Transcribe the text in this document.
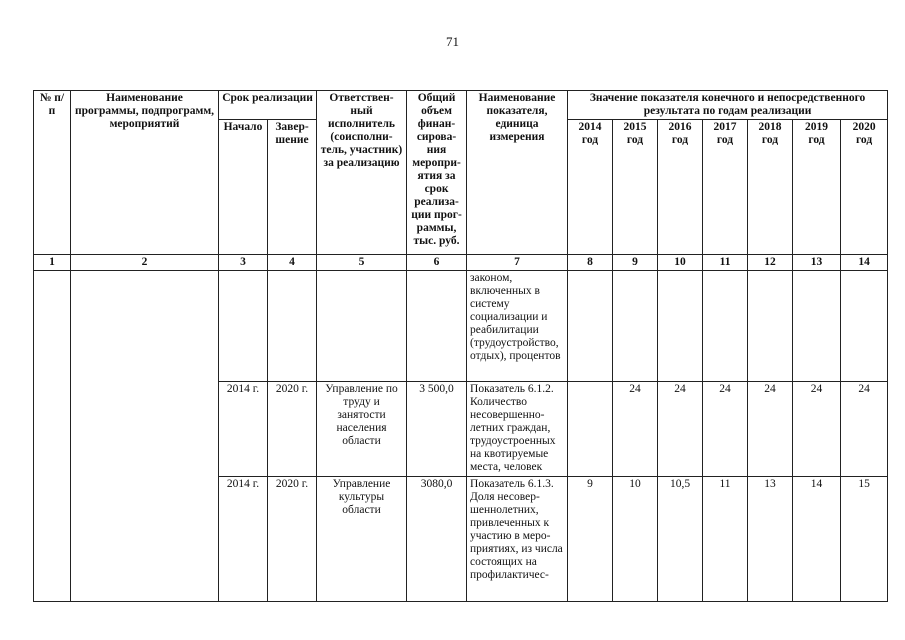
71
№ п/п	Наименование программы, подпрограмм, мероприятий	Срок реализации		Ответствен-ный исполнитель (соисполни-тель, участник) за реализацию	Общий объем финан-сирова-ния меропри-ятия за срок реализа-ции прог-раммы, тыс. руб.	Наименование показателя, единица измерения	Значение показателя конечного и непосредственного результата по годам реализации						
		Начало	Завер-шение				2014 год	2015 год	2016 год	2017 год	2018 год	2019 год	2020 год
1	2	3	4	5	6	7	8	9	10	11	12	13	14
						законом, включенных в систему социализации и реабилитации (трудоустройство, отдых), процентов							
		2014 г.	2020 г.	Управление по труду и занятости населения области	3 500,0	Показатель 6.1.2. Количество несовершенно-летних граждан, трудоустроенных на квотируемые места, человек		24	24	24	24	24	24
		2014 г.	2020 г.	Управление культуры области	3080,0	Показатель 6.1.3. Доля несовер-шеннолетних, привлеченных к участию в меро-приятиях, из числа состоящих на профилактичес-	9	10	10,5	11	13	14	15
